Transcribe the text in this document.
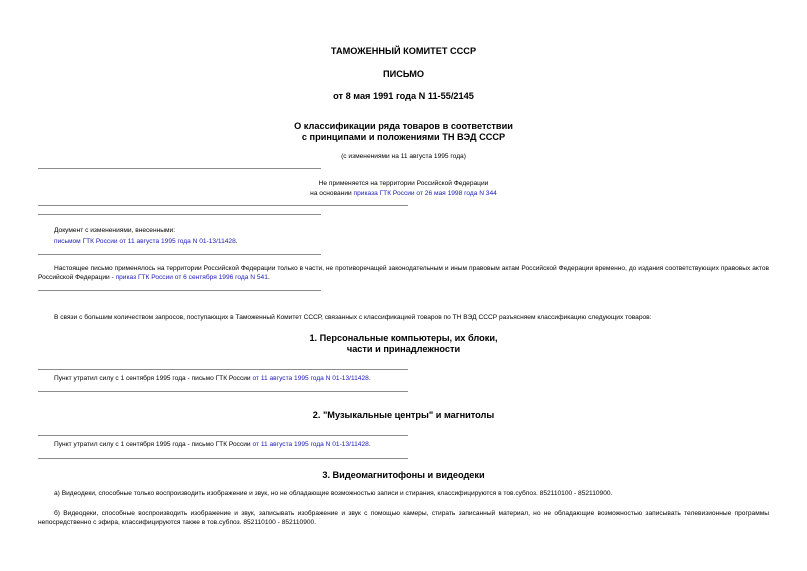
ТАМОЖЕННЫЙ КОМИТЕТ СССР
ПИСЬМО
от 8 мая 1991 года N 11-55/2145
О классификации ряда товаров в соответствии
с принципами и положениями ТН ВЭД СССР
(с изменениями на 11 августа 1995 года)
Не применяется на территории Российской Федерации
на основании приказа ГТК России от 26 мая 1998 года N 344
Документ с изменениями, внесенными:
письмом ГТК России от 11 августа 1995 года N 01-13/11428.
Настоящее письмо применялось на территории Российской Федерации только в части, не противоречащей законодательным и иным правовым актам Российской Федерации временно, до издания соответствующих правовых актов Российской Федерации - приказ ГТК России от 6 сентября 1996 года N 541.
В связи с большим количеством запросов, поступающих в Таможенный Комитет СССР, связанных с классификацией товаров по ТН ВЭД СССР разъясняем классификацию следующих товаров:
1. Персональные компьютеры, их блоки,
части и принадлежности
Пункт утратил силу с 1 сентября 1995 года - письмо ГТК России от 11 августа 1995 года N 01-13/11428.
2. "Музыкальные центры" и магнитолы
Пункт утратил силу с 1 сентября 1995 года - письмо ГТК России от 11 августа 1995 года N 01-13/11428.
3. Видеомагнитофоны и видеодеки
а) Видеодеки, способные только воспроизводить изображение и звук, но не обладающие возможностью записи и стирания, классифицируются в тов.субпоз. 852110100 - 852110900.
б) Видеодеки, способные воспроизводить изображение и звук, записывать изображение и звук с помощью камеры, стирать записанный материал, но не обладающие возможностью записывать телевизионные программы непосредственно с эфира, классифицируются также в тов.субпоз. 852110100 - 852110900.
